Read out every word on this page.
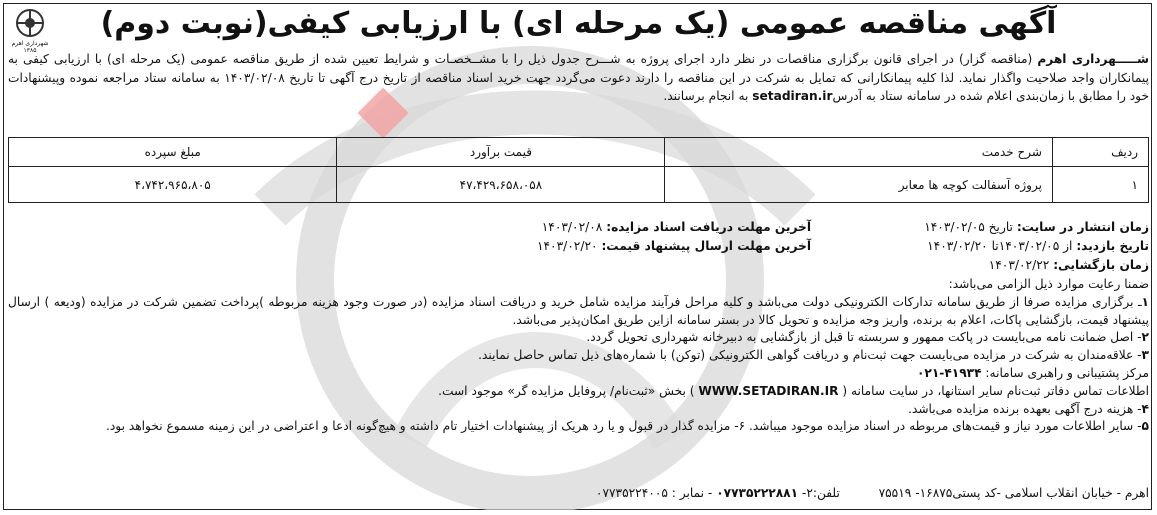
شهرداری اهرم
۱۳۸۵
آگهی مناقصه عمومی (یک مرحله ای) با ارزیابی کیفی(نوبت دوم)
شـــــهرداری اهرم (مناقصه گزار) در اجرای قانون برگزاری مناقصات در نظر دارد اجرای پروژه به شـــرح جدول ذیل را با مشــخصـات و شرایط تعیین شده از طریق مناقصه عمومی (یک مرحله ای) با ارزیابی کیفی به پیمانکاران واجد صلاحیت واگذار نماید. لذا کلیه پیمانکارانی که تمایل به شرکت در این مناقصه را دارند دعوت می‌گردد جهت خرید اسناد مناقصه از تاریخ درج آگهی تا تاریخ ۱۴۰۳/۰۲/۰۸ به سامانه ستاد مراجعه نموده وپیشنهادات خود را مطابق با زمان‌بندی اعلام شده در سامانه ستاد به آدرسsetadiran.ir به انجام برسانند.
ردیف	شرح خدمت	قیمت برآورد	مبلغ سپرده
۱	پروژه آسفالت کوچه ها معابر	۴۷،۴۲۹،۶۵۸،۰۵۸	۴،۷۴۲،۹۶۵،۸۰۵
زمان انتشار در سایت: تاریخ ۱۴۰۳/۰۲/۰۵
آخرین مهلت دریافت اسناد مزایده: ۱۴۰۳/۰۲/۰۸
تاریخ بازدید: از ۱۴۰۳/۰۲/۰۵تا ۱۴۰۳/۰۲/۲۰
آخرین مهلت ارسال پیشنهاد قیمت: ۱۴۰۳/۰۲/۲۰
زمان بازگشایی: ۱۴۰۳/۰۲/۲۲
ضمنا رعایت موارد ذیل الزامی می‌باشد:
۱ـ برگزاری مزایده صرفا از طریق سامانه تدارکات الکترونیکی دولت می‌باشد و کلیه مراحل فرآیند مزایده شامل خرید و دریافت اسناد مزایده (در صورت وجود هزینه مربوطه )پرداخت تضمین شرکت در مزایده (ودیعه ) ارسال پیشنهاد قیمت، بازگشایی پاکات، اعلام به برنده، واریز وجه مزایده و تحویل کالا در بستر سامانه ازاین طریق امکان‌پذیر می‌باشد.
۲- اصل ضمانت نامه می‌بایست در پاکت ممهور و سربسته تا قبل از بازگشایی به دبیرخانه شهرداری تحویل گردد.
۳- علاقه‌مندان به شرکت در مزایده می‌بایست جهت ثبت‌نام و دریافت گواهی الکترونیکی (توکن) با شماره‌های ذیل تماس حاصل نمایند.
مرکز پشتیبانی و راهبری سامانه: ۰۲۱-۴۱۹۳۴
اطلاعات تماس دفاتر ثبت‌نام سایر استانها، در سایت سامانه ( WWW.SETADIRAN.IR ) بخش «ثبت‌نام/ پروفایل مزایده گر» موجود است.
۴- هزینه درج آگهی بعهده برنده مزایده می‌باشد.
۵- سایر اطلاعات مورد نیاز و قیمت‌های مربوطه در اسناد مزایده موجود میباشد. ۶- مزایده گذار در قبول و یا رد هریک از پیشنهادات اختیار تام داشته و هیچ‌گونه ادعا و اعتراضی در این زمینه مسموع نخواهد بود.
اهرم - خیابان انقلاب اسلامی -کد پستی۱۶۸۷۵- ۷۵۵۱۹          تلفن:۲- ۰۷۷۳۵۲۲۲۸۸۱ - نمابر : ۰۷۷۳۵۲۲۴۰۰۵
